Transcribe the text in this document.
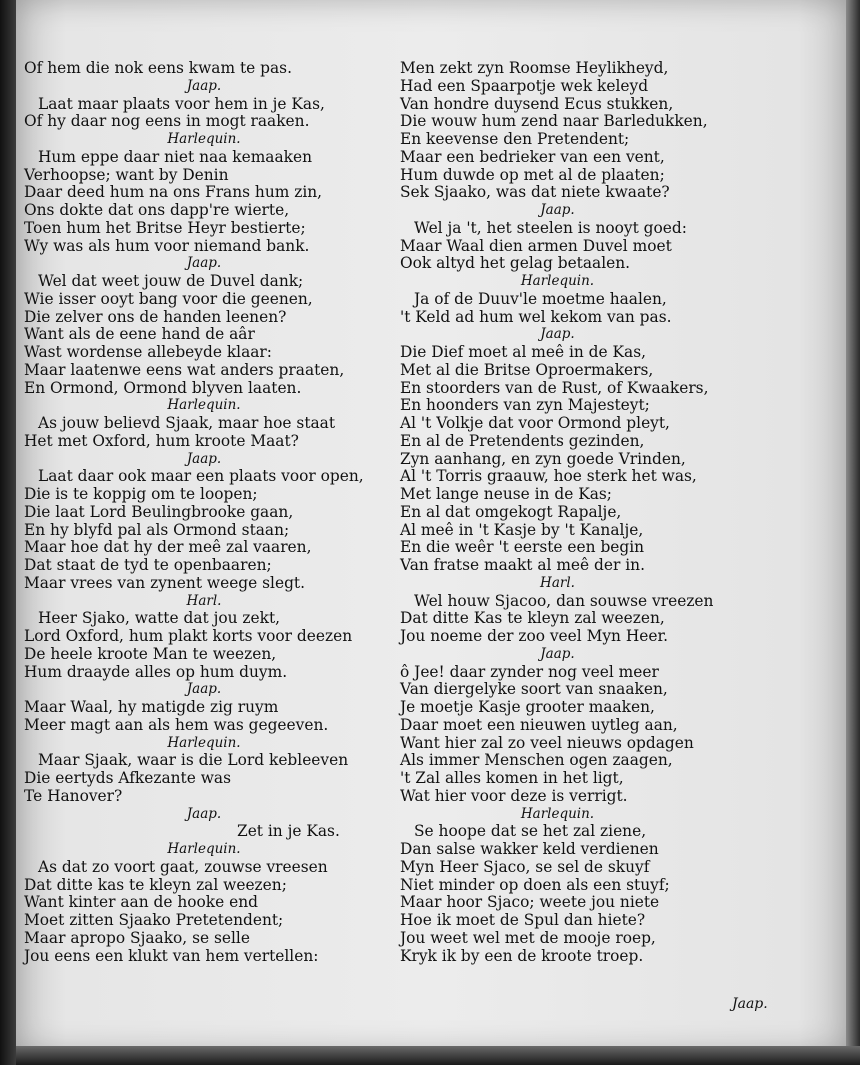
Of hem die nok eens kwam te pas.
Jaap.
Laat maar plaats voor hem in je Kas,
Of hy daar nog eens in mogt raaken.
Harlequin.
Hum eppe daar niet naa kemaaken
Verhoopse; want by Denin
Daar deed hum na ons Frans hum zin,
Ons dokte dat ons dapp're wierte,
Toen hum het Britse Heyr bestierte;
Wy was als hum voor niemand bank.
Jaap.
Wel dat weet jouw de Duvel dank;
Wie isser ooyt bang voor die geenen,
Die zelver ons de handen leenen?
Want als de eene hand de aâr
Wast wordense allebeyde klaar:
Maar laatenwe eens wat anders praaten,
En Ormond, Ormond blyven laaten.
Harlequin.
As jouw believd Sjaak, maar hoe staat
Het met Oxford, hum kroote Maat?
Jaap.
Laat daar ook maar een plaats voor open,
Die is te koppig om te loopen;
Die laat Lord Beulingbrooke gaan,
En hy blyfd pal als Ormond staan;
Maar hoe dat hy der meê zal vaaren,
Dat staat de tyd te openbaaren;
Maar vrees van zynent weege slegt.
Harl.
Heer Sjako, watte dat jou zekt,
Lord Oxford, hum plakt korts voor deezen
De heele kroote Man te weezen,
Hum draayde alles op hum duym.
Jaap.
Maar Waal, hy matigde zig ruym
Meer magt aan als hem was gegeeven.
Harlequin.
Maar Sjaak, waar is die Lord kebleeven
Die eertyds Afkezante was
Te Hanover?
Jaap.
Zet in je Kas.
Harlequin.
As dat zo voort gaat, zouwse vreesen
Dat ditte kas te kleyn zal weezen;
Want kinter aan de hooke end
Moet zitten Sjaako Pretetendent;
Maar apropo Sjaako, se selle
Jou eens een klukt van hem vertellen:
Men zekt zyn Roomse Heylikheyd,
Had een Spaarpotje wek keleyd
Van hondre duysend Ecus stukken,
Die wouw hum zend naar Barledukken,
En keevense den Pretendent;
Maar een bedrieker van een vent,
Hum duwde op met al de plaaten;
Sek Sjaako, was dat niete kwaate?
Jaap.
Wel ja 't, het steelen is nooyt goed:
Maar Waal dien armen Duvel moet
Ook altyd het gelag betaalen.
Harlequin.
Ja of de Duuv'le moetme haalen,
't Keld ad hum wel kekom van pas.
Jaap.
Die Dief moet al meê in de Kas,
Met al die Britse Oproermakers,
En stoorders van de Rust, of Kwaakers,
En hoonders van zyn Majesteyt;
Al 't Volkje dat voor Ormond pleyt,
En al de Pretendents gezinden,
Zyn aanhang, en zyn goede Vrinden,
Al 't Torris graauw, hoe sterk het was,
Met lange neuse in de Kas;
En al dat omgekogt Rapalje,
Al meê in 't Kasje by 't Kanalje,
En die weêr 't eerste een begin
Van fratse maakt al meê der in.
Harl.
Wel houw Sjacoo, dan souwse vreezen
Dat ditte Kas te kleyn zal weezen,
Jou noeme der zoo veel Myn Heer.
Jaap.
ô Jee! daar zynder nog veel meer
Van diergelyke soort van snaaken,
Je moetje Kasje grooter maaken,
Daar moet een nieuwen uytleg aan,
Want hier zal zo veel nieuws opdagen
Als immer Menschen ogen zaagen,
't Zal alles komen in het ligt,
Wat hier voor deze is verrigt.
Harlequin.
Se hoope dat se het zal ziene,
Dan salse wakker keld verdienen
Myn Heer Sjaco, se sel de skuyf
Niet minder op doen als een stuyf;
Maar hoor Sjaco; weete jou niete
Hoe ik moet de Spul dan hiete?
Jou weet wel met de mooje roep,
Kryk ik by een de kroote troep.
Jaap.
